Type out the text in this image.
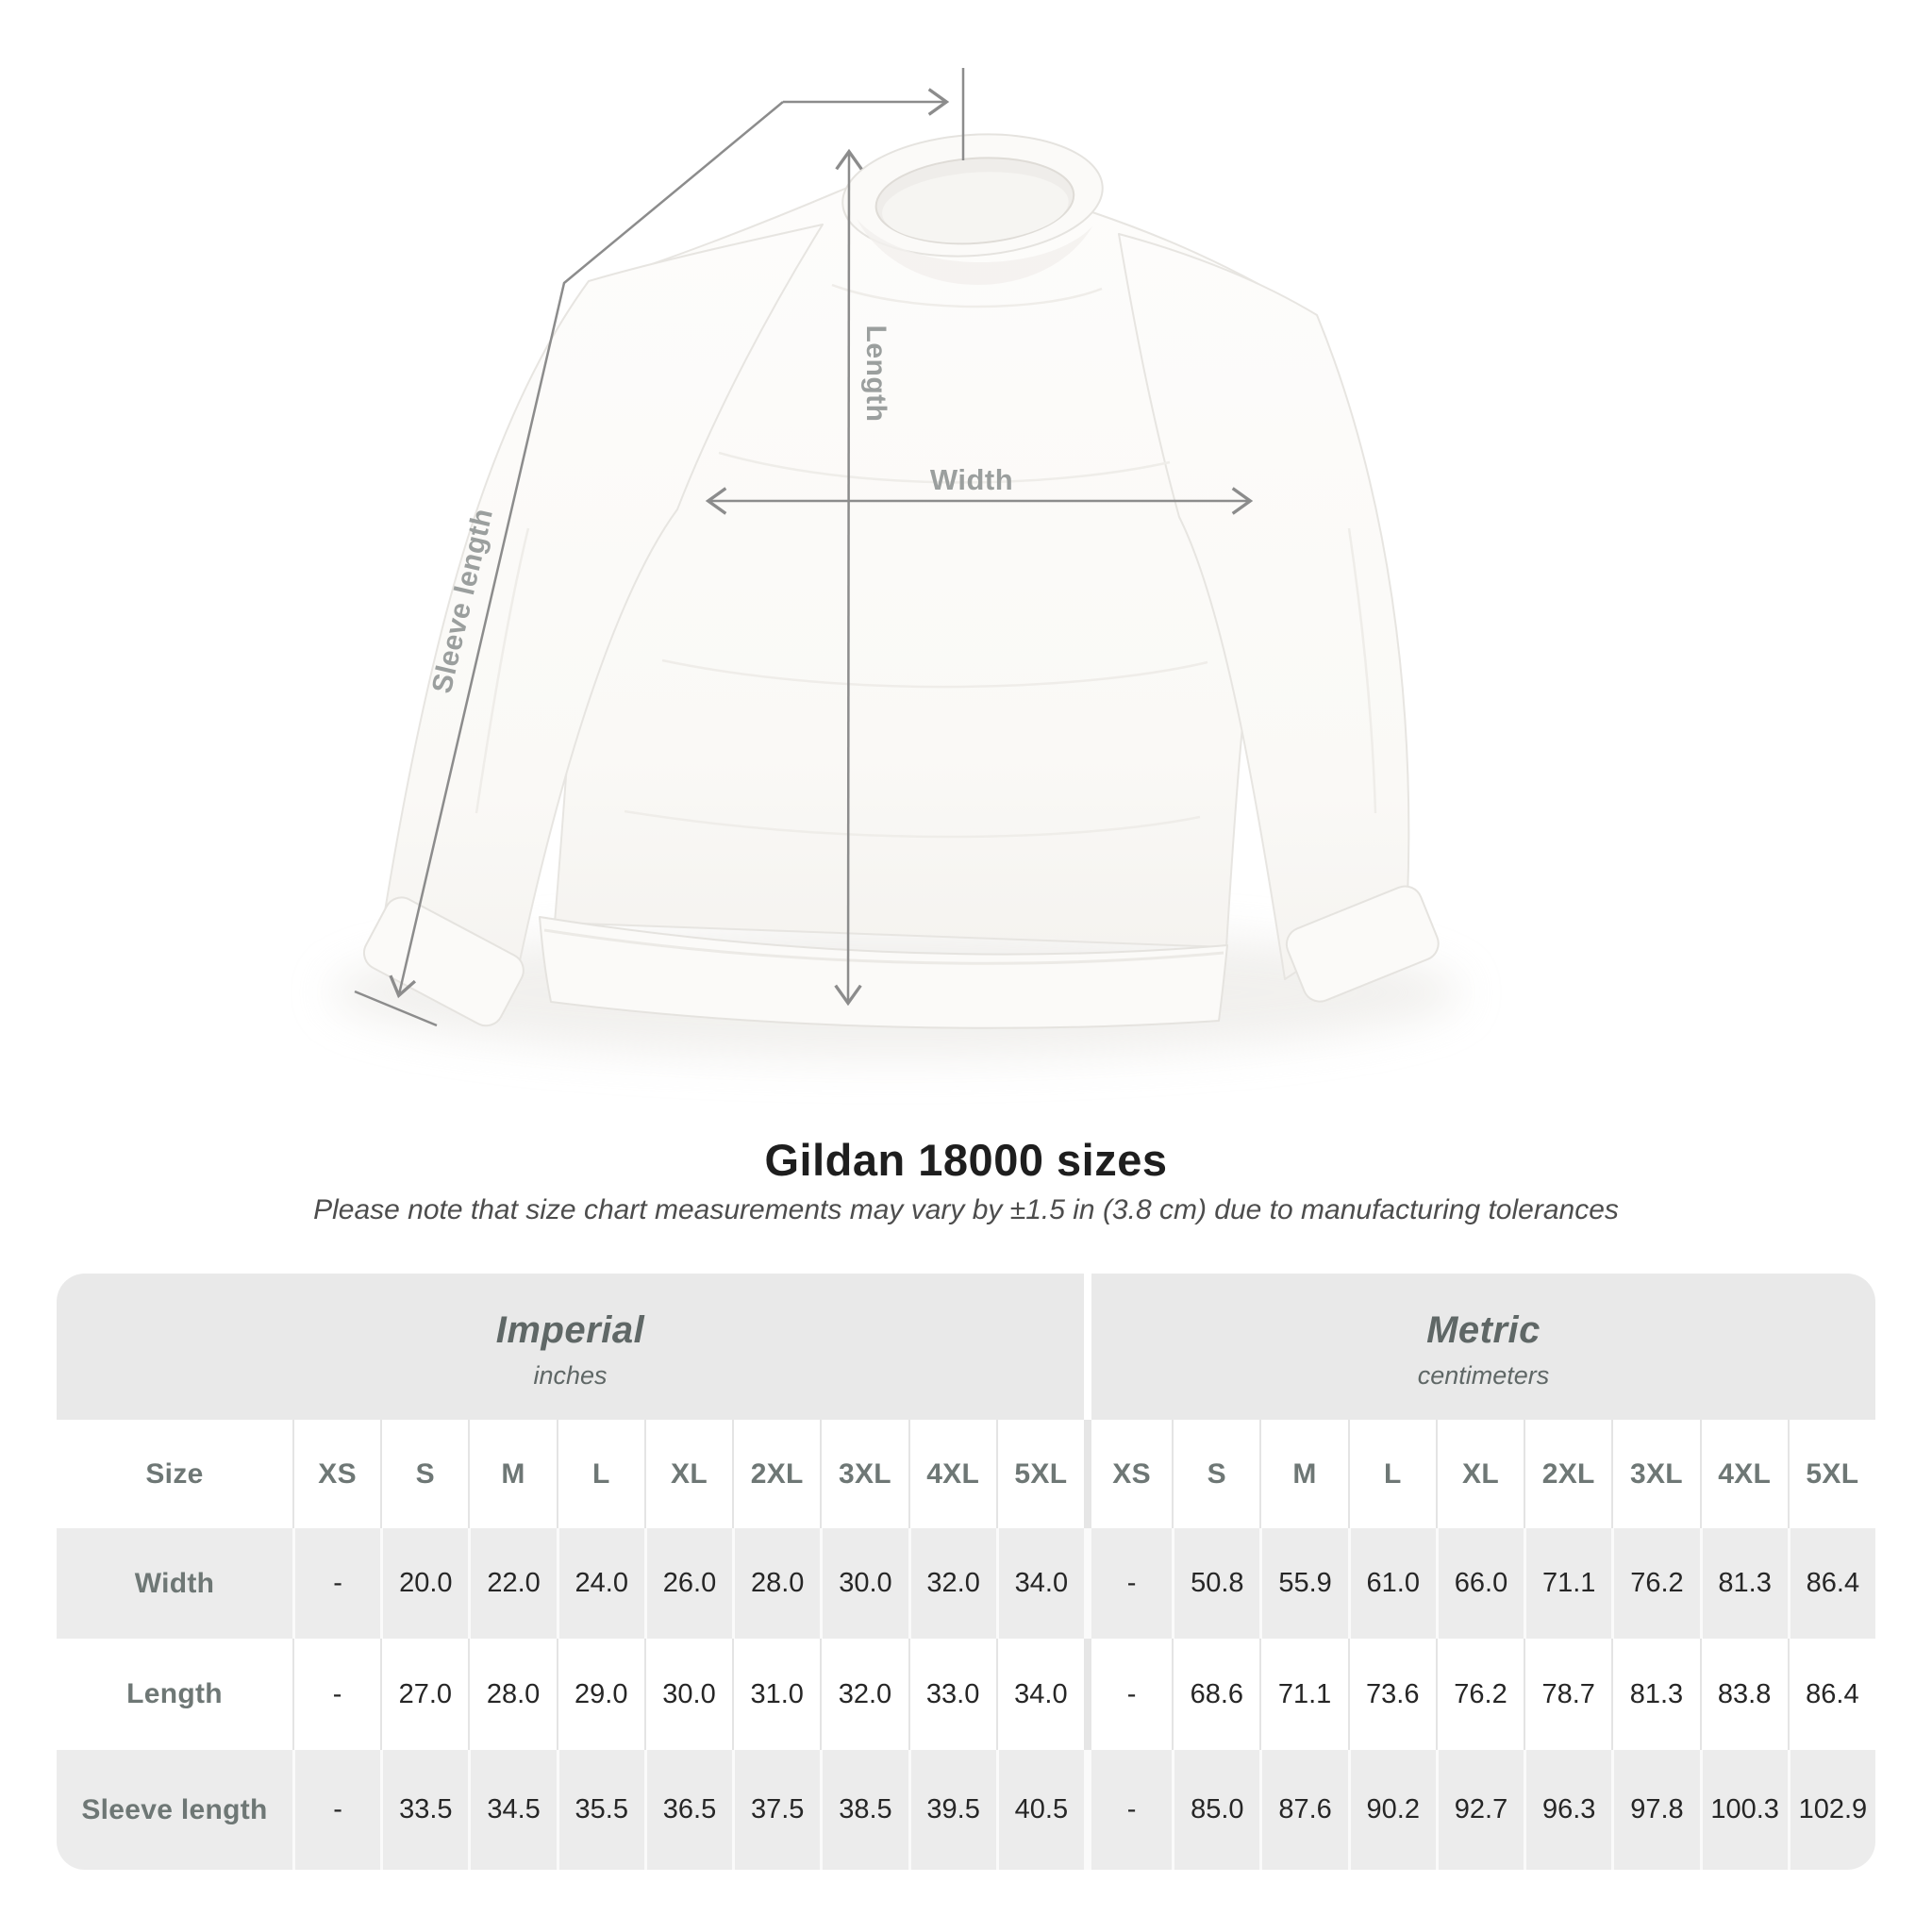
Length
Width
Sleeve length
Gildan 18000 sizes
Please note that size chart measurements may vary by ±1.5 in (3.8 cm) due to manufacturing tolerances
Imperial
inches
Metric
centimeters
Size	XS	S	M	L	XL	2XL	3XL	4XL	5XL	XS	S	M	L	XL	2XL	3XL	4XL	5XL
Width	-	20.0	22.0	24.0	26.0	28.0	30.0	32.0	34.0	-	50.8	55.9	61.0	66.0	71.1	76.2	81.3	86.4
Length	-	27.0	28.0	29.0	30.0	31.0	32.0	33.0	34.0	-	68.6	71.1	73.6	76.2	78.7	81.3	83.8	86.4
Sleeve length	-	33.5	34.5	35.5	36.5	37.5	38.5	39.5	40.5	-	85.0	87.6	90.2	92.7	96.3	97.8 100.3 102.9
